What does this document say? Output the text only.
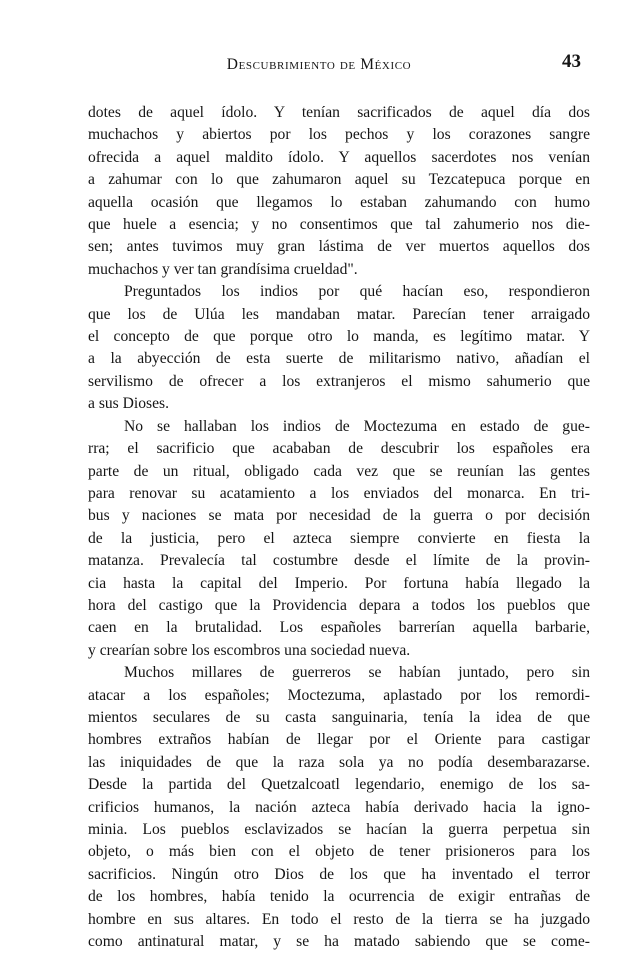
Descubrimiento de México	43
dotes de aquel ídolo. Y tenían sacrificados de aquel día dos
muchachos y abiertos por los pechos y los corazones sangre
ofrecida a aquel maldito ídolo. Y aquellos sacerdotes nos venían
a zahumar con lo que zahumaron aquel su Tezcatepuca porque en
aquella ocasión que llegamos lo estaban zahumando con humo
que huele a esencia; y no consentimos que tal zahumerio nos die-
sen; antes tuvimos muy gran lástima de ver muertos aquellos dos
muchachos y ver tan grandísima crueldad".
Preguntados los indios por qué hacían eso, respondieron
que los de Ulúa les mandaban matar. Parecían tener arraigado
el concepto de que porque otro lo manda, es legítimo matar. Y
a la abyección de esta suerte de militarismo nativo, añadían el
servilismo de ofrecer a los extranjeros el mismo sahumerio que
a sus Dioses.
No se hallaban los indios de Moctezuma en estado de gue-
rra; el sacrificio que acababan de descubrir los españoles era
parte de un ritual, obligado cada vez que se reunían las gentes
para renovar su acatamiento a los enviados del monarca. En tri-
bus y naciones se mata por necesidad de la guerra o por decisión
de la justicia, pero el azteca siempre convierte en fiesta la
matanza. Prevalecía tal costumbre desde el límite de la provin-
cia hasta la capital del Imperio. Por fortuna había llegado la
hora del castigo que la Providencia depara a todos los pueblos que
caen en la brutalidad. Los españoles barrerían aquella barbarie,
y crearían sobre los escombros una sociedad nueva.
Muchos millares de guerreros se habían juntado, pero sin
atacar a los españoles; Moctezuma, aplastado por los remordi-
mientos seculares de su casta sanguinaria, tenía la idea de que
hombres extraños habían de llegar por el Oriente para castigar
las iniquidades de que la raza sola ya no podía desembarazarse.
Desde la partida del Quetzalcoatl legendario, enemigo de los sa-
crificios humanos, la nación azteca había derivado hacia la igno-
minia. Los pueblos esclavizados se hacían la guerra perpetua sin
objeto, o más bien con el objeto de tener prisioneros para los
sacrificios. Ningún otro Dios de los que ha inventado el terror
de los hombres, había tenido la ocurrencia de exigir entrañas de
hombre en sus altares. En todo el resto de la tierra se ha juzgado
como antinatural matar, y se ha matado sabiendo que se come-
